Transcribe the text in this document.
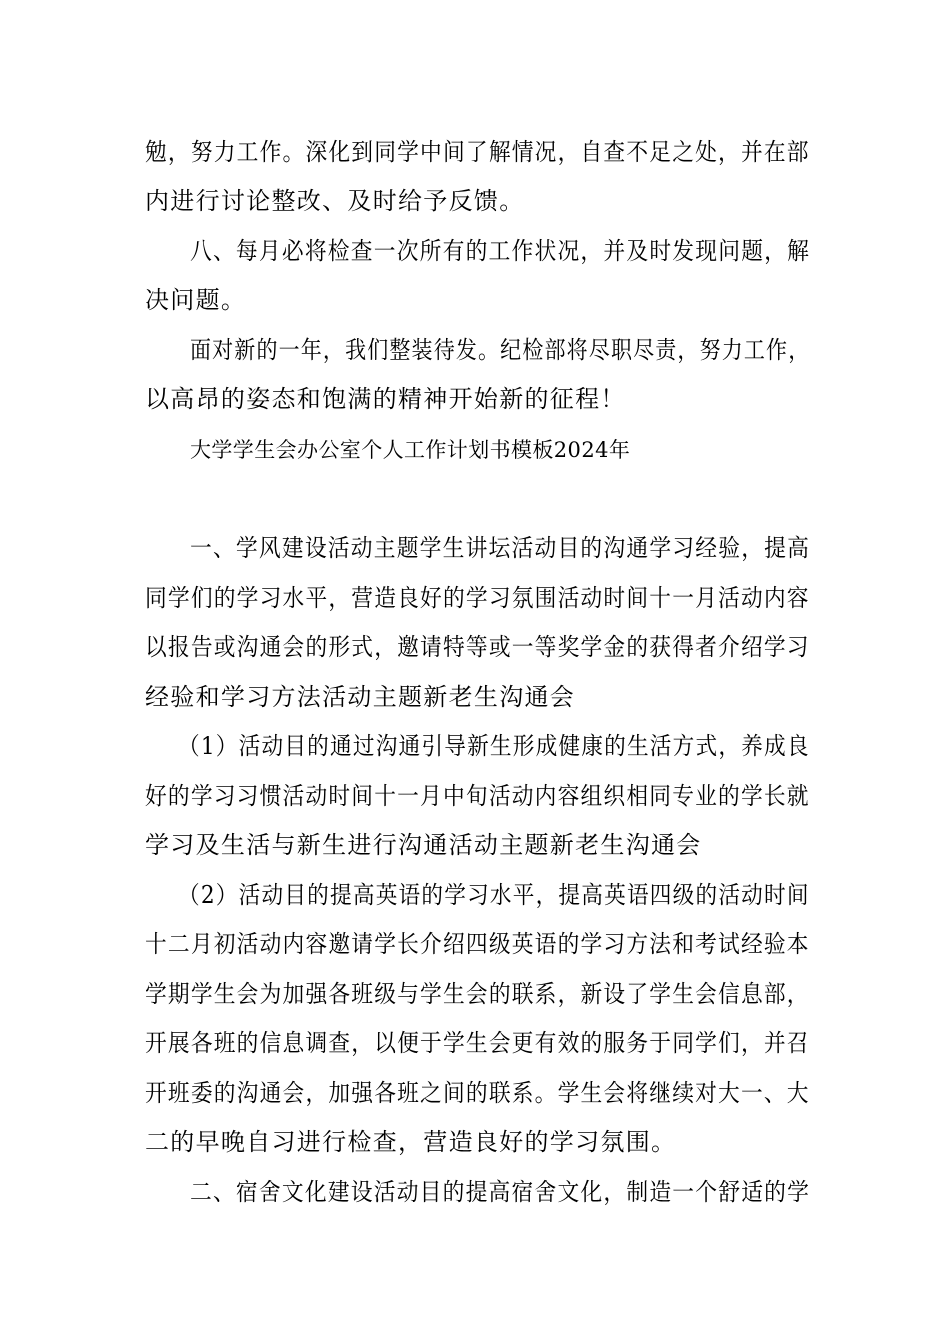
勉，努力工作。深化到同学中间了解情况，自查不足之处，并在部
内进行讨论整改、及时给予反馈。
八、每月必将检查一次所有的工作状况，并及时发现问题，解
决问题。
面对新的一年，我们整装待发。纪检部将尽职尽责，努力工作，
以高昂的姿态和饱满的精神开始新的征程！
大学学生会办公室个人工作计划书模板2024年
一、学风建设活动主题学生讲坛活动目的沟通学习经验，提高
同学们的学习水平，营造良好的学习氛围活动时间十一月活动内容
以报告或沟通会的形式，邀请特等或一等奖学金的获得者介绍学习
经验和学习方法活动主题新老生沟通会
（1）活动目的通过沟通引导新生形成健康的生活方式，养成良
好的学习习惯活动时间十一月中旬活动内容组织相同专业的学长就
学习及生活与新生进行沟通活动主题新老生沟通会
（2）活动目的提高英语的学习水平，提高英语四级的活动时间
十二月初活动内容邀请学长介绍四级英语的学习方法和考试经验本
学期学生会为加强各班级与学生会的联系，新设了学生会信息部，
开展各班的信息调查，以便于学生会更有效的服务于同学们，并召
开班委的沟通会，加强各班之间的联系。学生会将继续对大一、大
二的早晚自习进行检查，营造良好的学习氛围。
二、宿舍文化建设活动目的提高宿舍文化，制造一个舒适的学
